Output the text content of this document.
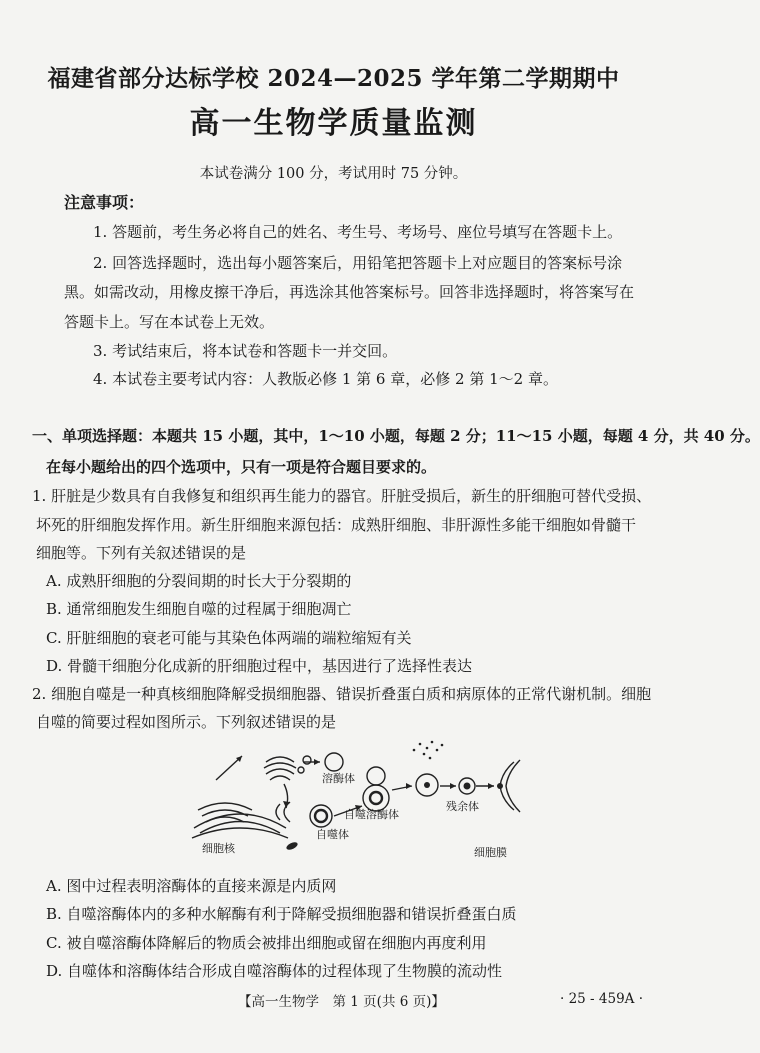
福建省部分达标学校 2024—2025 学年第二学期期中
高一生物学质量监测
本试卷满分 100 分，考试用时 75 分钟。
注意事项：
1. 答题前，考生务必将自己的姓名、考生号、考场号、座位号填写在答题卡上。
2. 回答选择题时，选出每小题答案后，用铅笔把答题卡上对应题目的答案标号涂
黑。如需改动，用橡皮擦干净后，再选涂其他答案标号。回答非选择题时，将答案写在
答题卡上。写在本试卷上无效。
3. 考试结束后，将本试卷和答题卡一并交回。
4. 本试卷主要考试内容：人教版必修 1 第 6 章，必修 2 第 1～2 章。
一、单项选择题：本题共 15 小题，其中，1～10 小题，每题 2 分；11～15 小题，每题 4 分，共 40 分。
在每小题给出的四个选项中，只有一项是符合题目要求的。
1. 肝脏是少数具有自我修复和组织再生能力的器官。肝脏受损后，新生的肝细胞可替代受损、
坏死的肝细胞发挥作用。新生肝细胞来源包括：成熟肝细胞、非肝源性多能干细胞如骨髓干
细胞等。下列有关叙述错误的是
A. 成熟肝细胞的分裂间期的时长大于分裂期的
B. 通常细胞发生细胞自噬的过程属于细胞凋亡
C. 肝脏细胞的衰老可能与其染色体两端的端粒缩短有关
D. 骨髓干细胞分化成新的肝细胞过程中，基因进行了选择性表达
2. 细胞自噬是一种真核细胞降解受损细胞器、错误折叠蛋白质和病原体的正常代谢机制。细胞
自噬的简要过程如图所示。下列叙述错误的是
溶酶体
自噬溶酶体
残余体
细胞核
自噬体
细胞膜
A. 图中过程表明溶酶体的直接来源是内质网
B. 自噬溶酶体内的多种水解酶有利于降解受损细胞器和错误折叠蛋白质
C. 被自噬溶酶体降解后的物质会被排出细胞或留在细胞内再度利用
D. 自噬体和溶酶体结合形成自噬溶酶体的过程体现了生物膜的流动性
【高一生物学　第 1 页(共 6 页)】	· 25 - 459A ·
